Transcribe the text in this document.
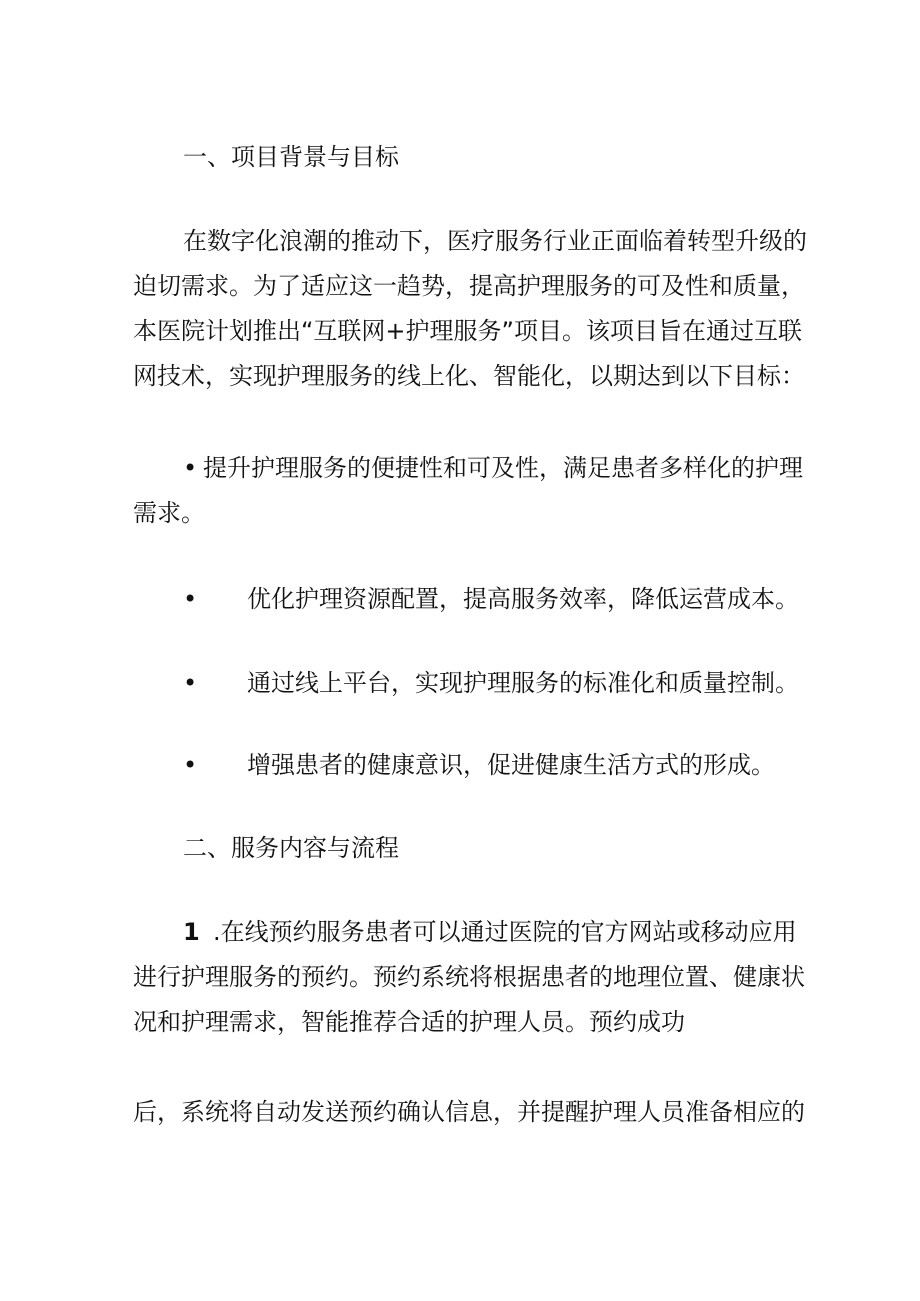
一、项目背景与目标
在数字化浪潮的推动下，医疗服务行业正面临着转型升级的
迫切需求。为了适应这一趋势，提高护理服务的可及性和质量，
本医院计划推出“互联网+护理服务”项目。该项目旨在通过互联
网技术，实现护理服务的线上化、智能化，以期达到以下目标：
• 提升护理服务的便捷性和可及性，满足患者多样化的护理
需求。
• 优化护理资源配置，提高服务效率，降低运营成本。
• 通过线上平台，实现护理服务的标准化和质量控制。
• 增强患者的健康意识，促进健康生活方式的形成。
二、服务内容与流程
1 .在线预约服务患者可以通过医院的官方网站或移动应用
进行护理服务的预约。预约系统将根据患者的地理位置、健康状
况和护理需求，智能推荐合适的护理人员。预约成功
后，系统将自动发送预约确认信息，并提醒护理人员准备相应的
